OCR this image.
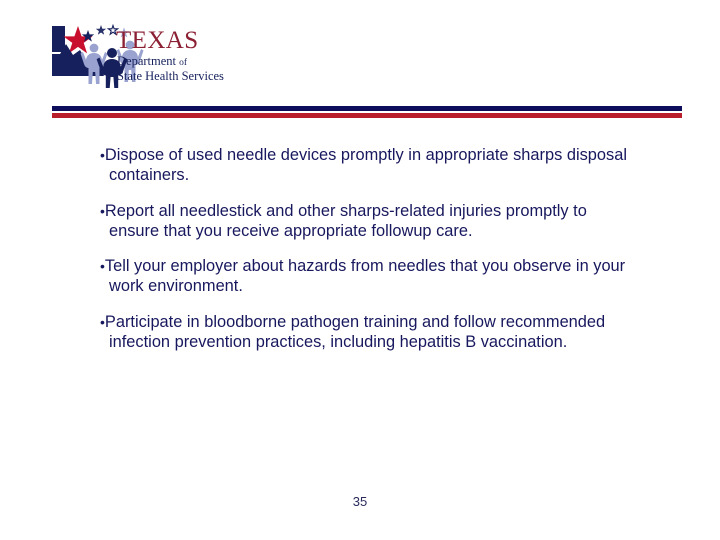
TEXAS
Department of
State Health Services

•Dispose of used needle devices promptly in appropriate sharps disposal containers.

•Report all needlestick and other sharps-related injuries promptly to ensure that you receive appropriate followup care.

•Tell your employer about hazards from needles that you observe in your work environment.

•Participate in bloodborne pathogen training and follow recommended infection prevention practices, including hepatitis B vaccination.

35
